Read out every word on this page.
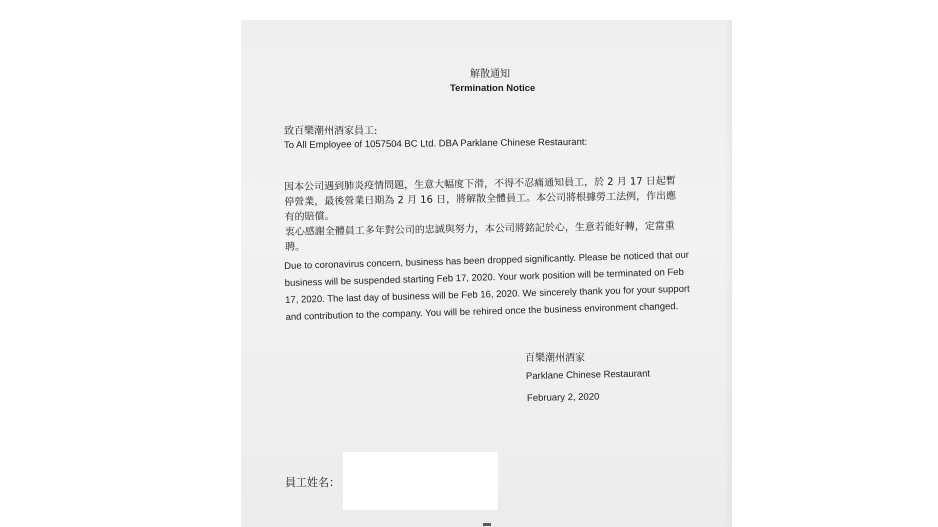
解散通知
Termination Notice
致百樂潮州酒家員工:
To All Employee of 1057504 BC Ltd. DBA Parklane Chinese Restaurant:

因本公司遇到肺炎疫情問題，生意大幅度下滑，不得不忍痛通知員工，於 2 月 17 日起暫

停營業，最後營業日期為 2 月 16 日，將解散全體員工。本公司將根據勞工法例，作出應

有的賠償。

衷心感謝全體員工多年對公司的忠誠與努力，本公司將銘記於心，生意若能好轉，定當重

聘。

Due to coronavirus concern, business has been dropped significantly. Please be noticed that our
business will be suspended starting Feb 17, 2020. Your work position will be terminated on Feb
17, 2020. The last day of business will be Feb 16, 2020. We sincerely thank you for your support
and contribution to the company. You will be rehired once the business environment changed.
百樂潮州酒家
Parklane Chinese Restaurant
February 2, 2020
員工姓名：
